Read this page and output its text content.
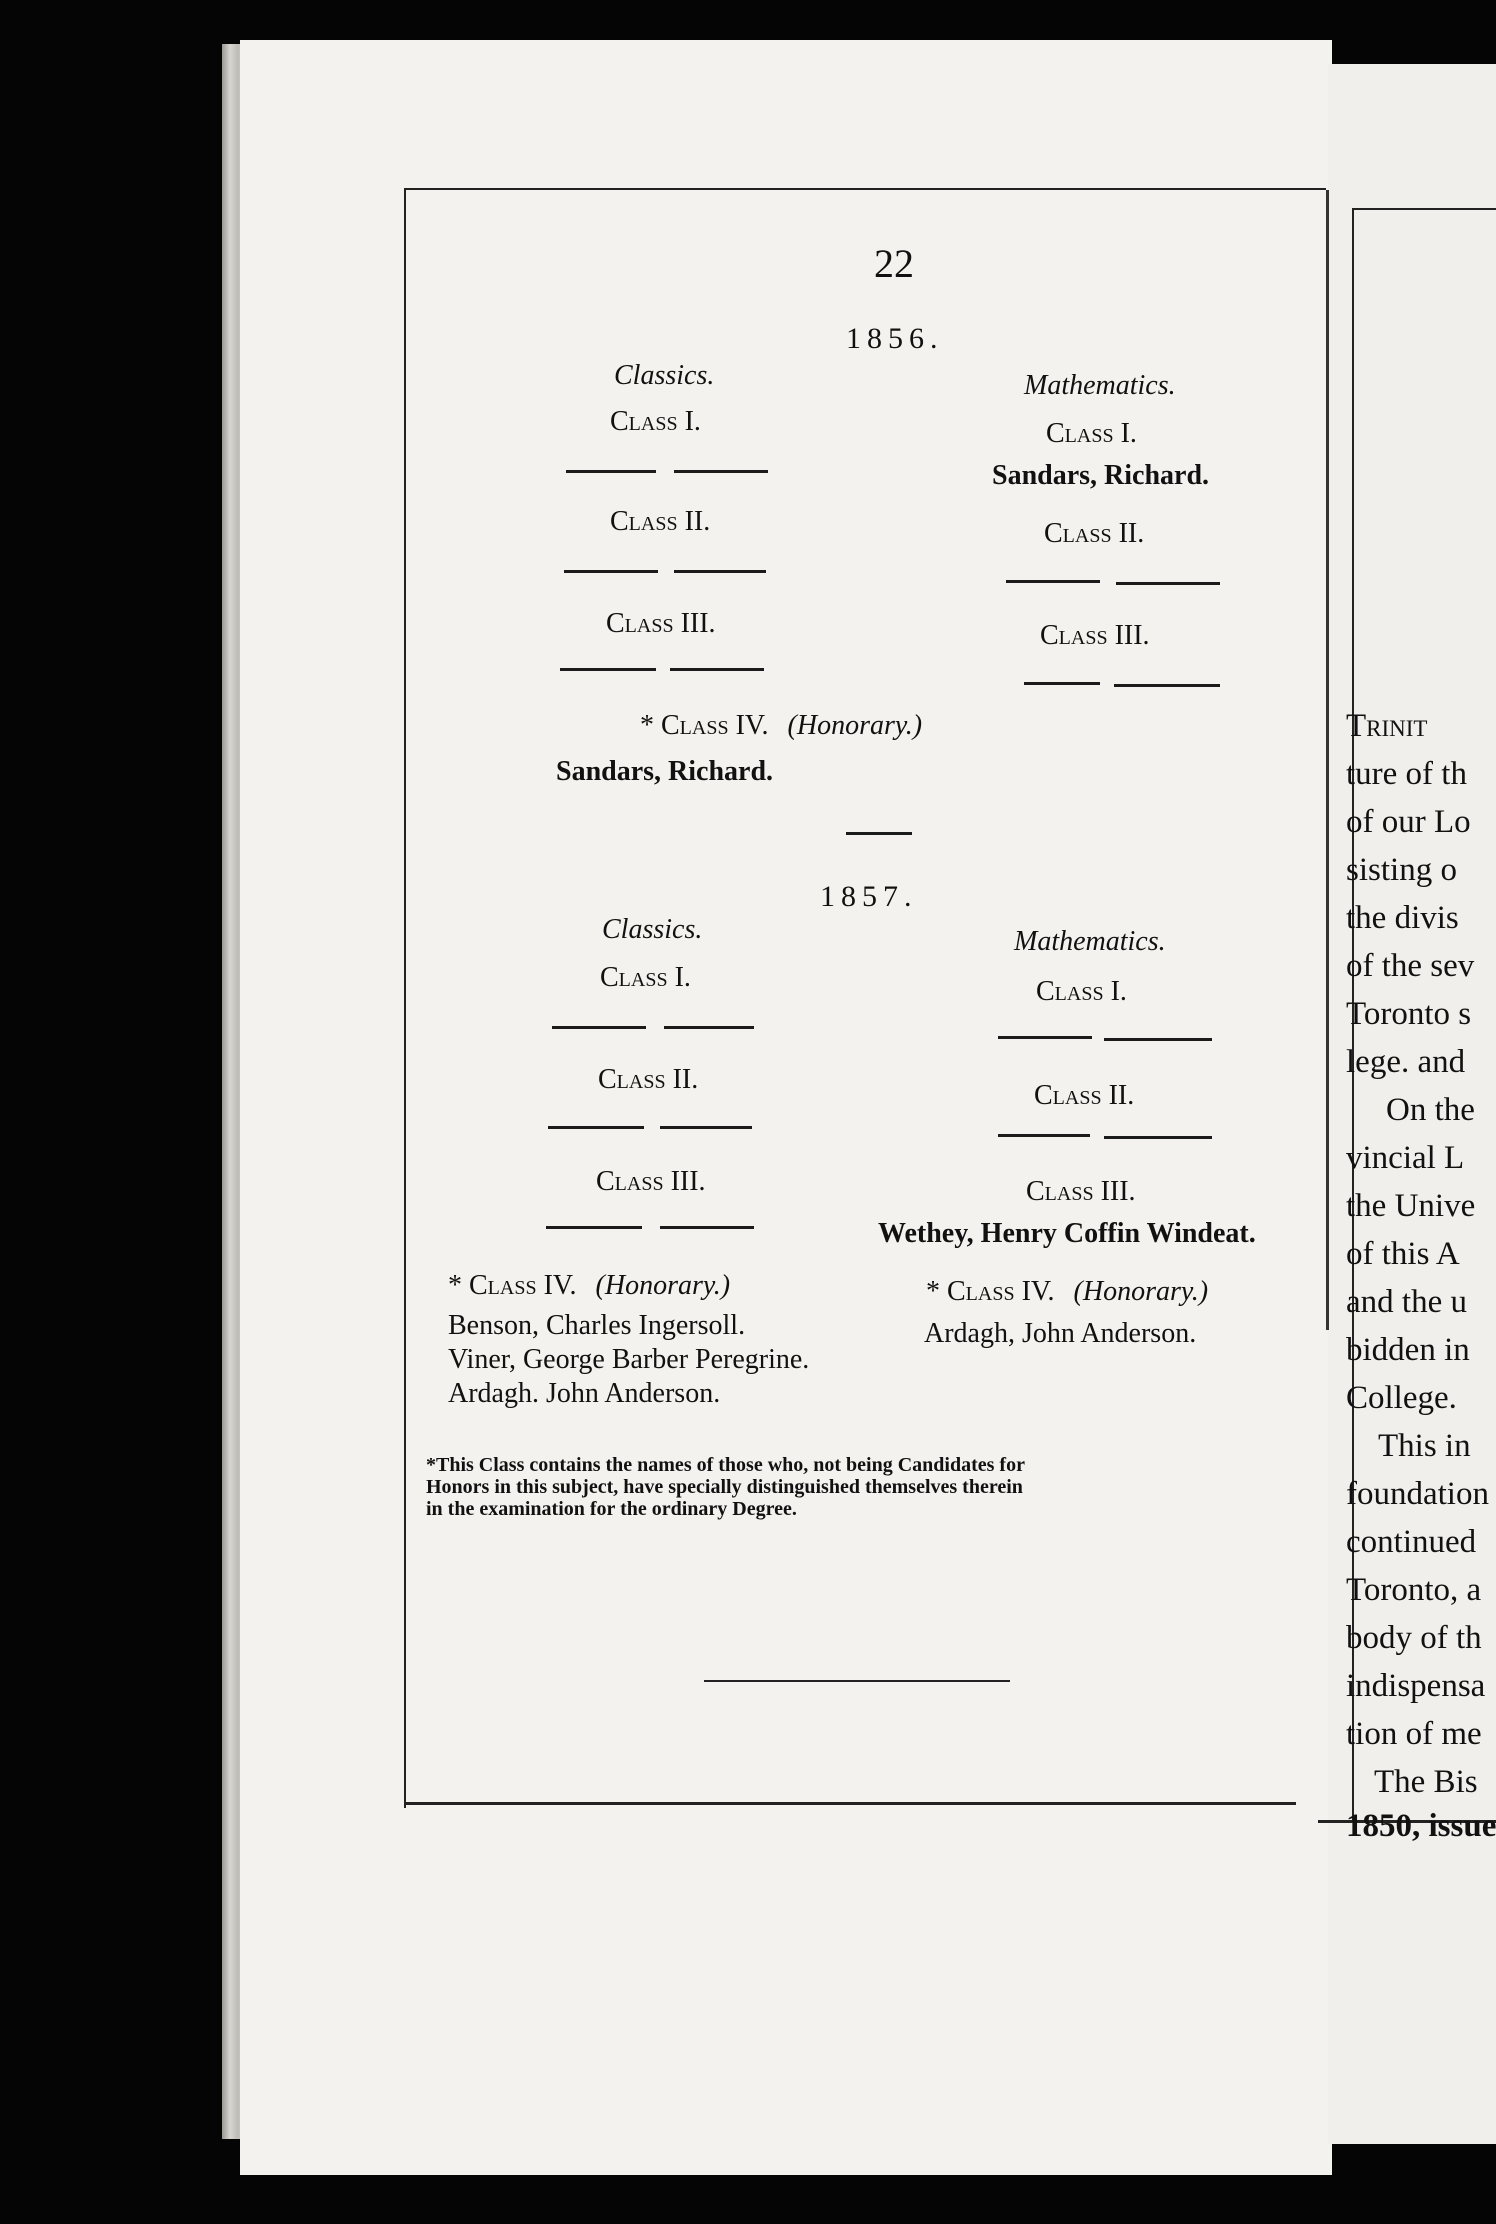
22
1856.
Classics.
Class I.
Class II.
Class III.
Mathematics.
Class I.
Sandars, Richard.
Class II.
Class III.
* Class IV. (Honorary.)
Sandars, Richard.
1857.
Classics.
Class I.
Class II.
Class III.
Mathematics.
Class I.
Class II.
Class III.
Wethey, Henry Coffin Windeat.
* Class IV. (Honorary.)
Benson, Charles Ingersoll.
Viner, George Barber Peregrine.
Ardagh. John Anderson.
* Class IV. (Honorary.)
Ardagh, John Anderson.
*This Class contains the names of those who, not being Candidates for Honors in this subject, have specially distinguished themselves therein in the examination for the ordinary Degree.
Trinit
ture of th
of our Lo
sisting o
the divis
of the sev
Toronto s
lege. and
On the
vincial L
the Unive
of this A
and the u
bidden in
College.
This in
foundation
continued
Toronto, a
body of th
indispensa
tion of me
The Bis
1850, issue
